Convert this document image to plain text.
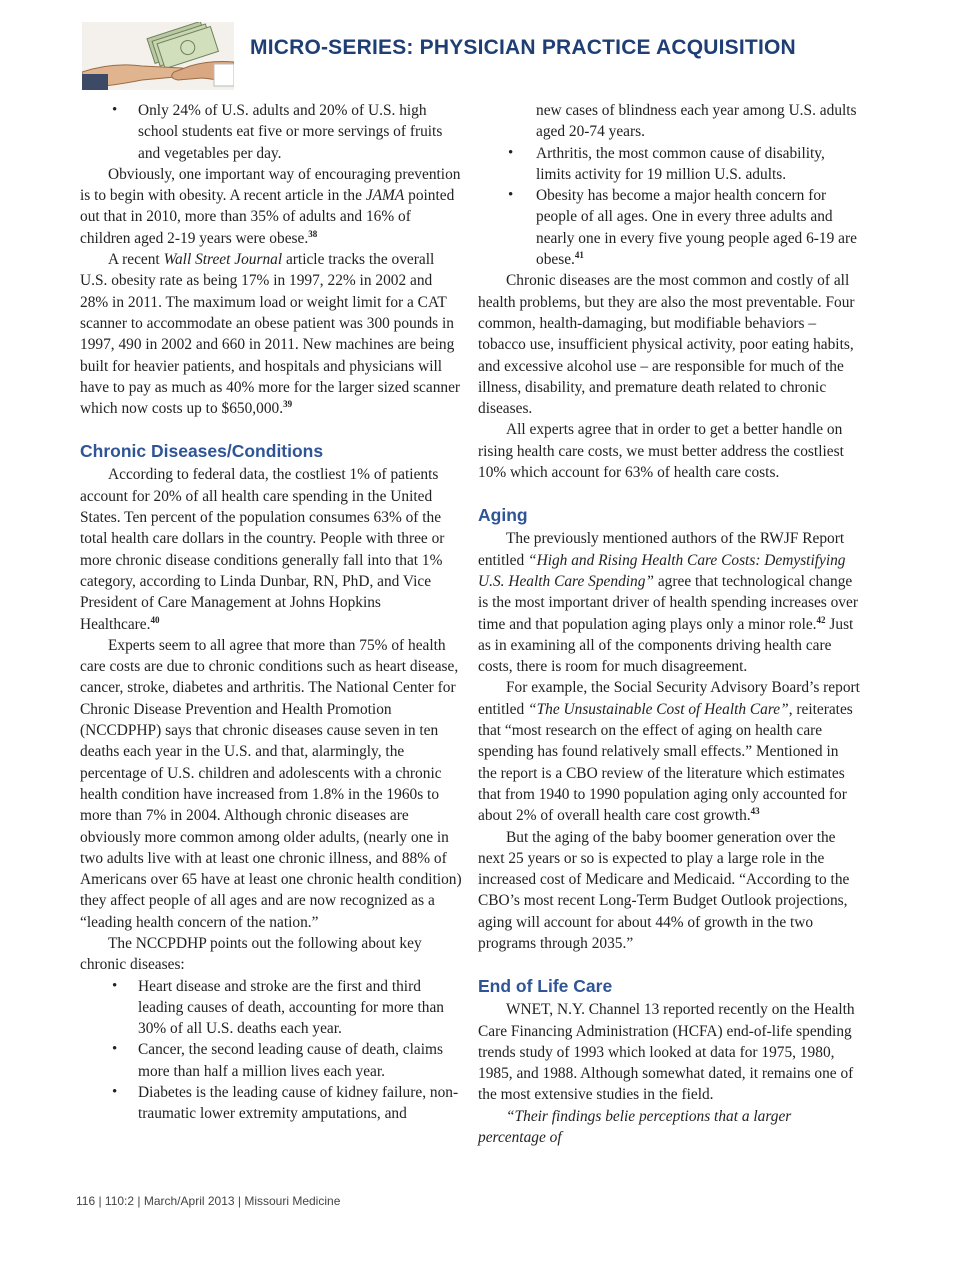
MICRO-SERIES: PHYSICIAN PRACTICE ACQUISITION
• Only 24% of U.S. adults and 20% of U.S. high school students eat five or more servings of fruits and vegetables per day.

Obviously, one important way of encouraging prevention is to begin with obesity. A recent article in the JAMA pointed out that in 2010, more than 35% of adults and 16% of children aged 2-19 years were obese.$^{38}$

A recent Wall Street Journal article tracks the overall U.S. obesity rate as being 17% in 1997, 22% in 2002 and 28% in 2011. The maximum load or weight limit for a CAT scanner to accommodate an obese patient was 300 pounds in 1997, 490 in 2002 and 660 in 2011. New machines are being built for heavier patients, and hospitals and physicians will have to pay as much as 40% more for the larger sized scanner which now costs up to $650,000.39

Chronic Diseases/Conditions

According to federal data, the costliest 1% of patients account for 20% of all health care spending in the United States. Ten percent of the population consumes 63% of the total health care dollars in the country. People with three or more chronic disease conditions generally fall into that 1% category, according to Linda Dunbar, RN, PhD, and Vice President of Care Management at Johns Hopkins Healthcare.$^{40}$

Experts seem to all agree that more than 75% of health care costs are due to chronic conditions such as heart disease, cancer, stroke, diabetes and arthritis. The National Center for Chronic Disease Prevention and Health Promotion (NCCDPHP) says that chronic diseases cause seven in ten deaths each year in the U.S. and that, alarmingly, the percentage of U.S. children and adolescents with a chronic health condition have increased from 1.8% in the 1960s to more than 7% in 2004. Although chronic diseases are obviously more common among older adults, (nearly one in two adults live with at least one chronic illness, and 88% of Americans over 65 have at least one chronic health condition) they affect people of all ages and are now recognized as a “leading health concern of the nation.”

The NCCPDHP points out the following about key chronic diseases:

• Heart disease and stroke are the first and third leading causes of death, accounting for more than 30% of all U.S. deaths each year.
• Cancer, the second leading cause of death, claims more than half a million lives each year.
• Diabetes is the leading cause of kidney failure, non-traumatic lower extremity amputations, and
new cases of blindness each year among U.S. adults aged 20-74 years.
• Arthritis, the most common cause of disability, limits activity for 19 million U.S. adults.
• Obesity has become a major health concern for people of all ages. One in every three adults and nearly one in every five young people aged 6-19 are obese.$^{41}$

Chronic diseases are the most common and costly of all health problems, but they are also the most preventable. Four common, health-damaging, but modifiable behaviors – tobacco use, insufficient physical activity, poor eating habits, and excessive alcohol use – are responsible for much of the illness, disability, and premature death related to chronic diseases.

All experts agree that in order to get a better handle on rising health care costs, we must better address the costliest 10% which account for 63% of health care costs.

Aging

The previously mentioned authors of the RWJF Report entitled “High and Rising Health Care Costs: Demystifying U.S. Health Care Spending” agree that technological change is the most important driver of health spending increases over time and that population aging plays only a minor role.$^{42}$ Just as in examining all of the components driving health care costs, there is room for much disagreement.

For example, the Social Security Advisory Board’s report entitled “The Unsustainable Cost of Health Care”, reiterates that “most research on the effect of aging on health care spending has found relatively small effects.” Mentioned in the report is a CBO review of the literature which estimates that from 1940 to 1990 population aging only accounted for about 2% of overall health care cost growth.$^{43}$

But the aging of the baby boomer generation over the next 25 years or so is expected to play a large role in the increased cost of Medicare and Medicaid. “According to the CBO’s most recent Long-Term Budget Outlook projections, aging will account for about 44% of growth in the two programs through 2035.”

End of Life Care

WNET, N.Y. Channel 13 reported recently on the Health Care Financing Administration (HCFA) end-of-life spending trends study of 1993 which looked at data for 1975, 1980, 1985, and 1988. Although somewhat dated, it remains one of the most extensive studies in the field.

“Their findings belie perceptions that a larger percentage of

116 | 110:2 | March/April 2013 | Missouri Medicine
